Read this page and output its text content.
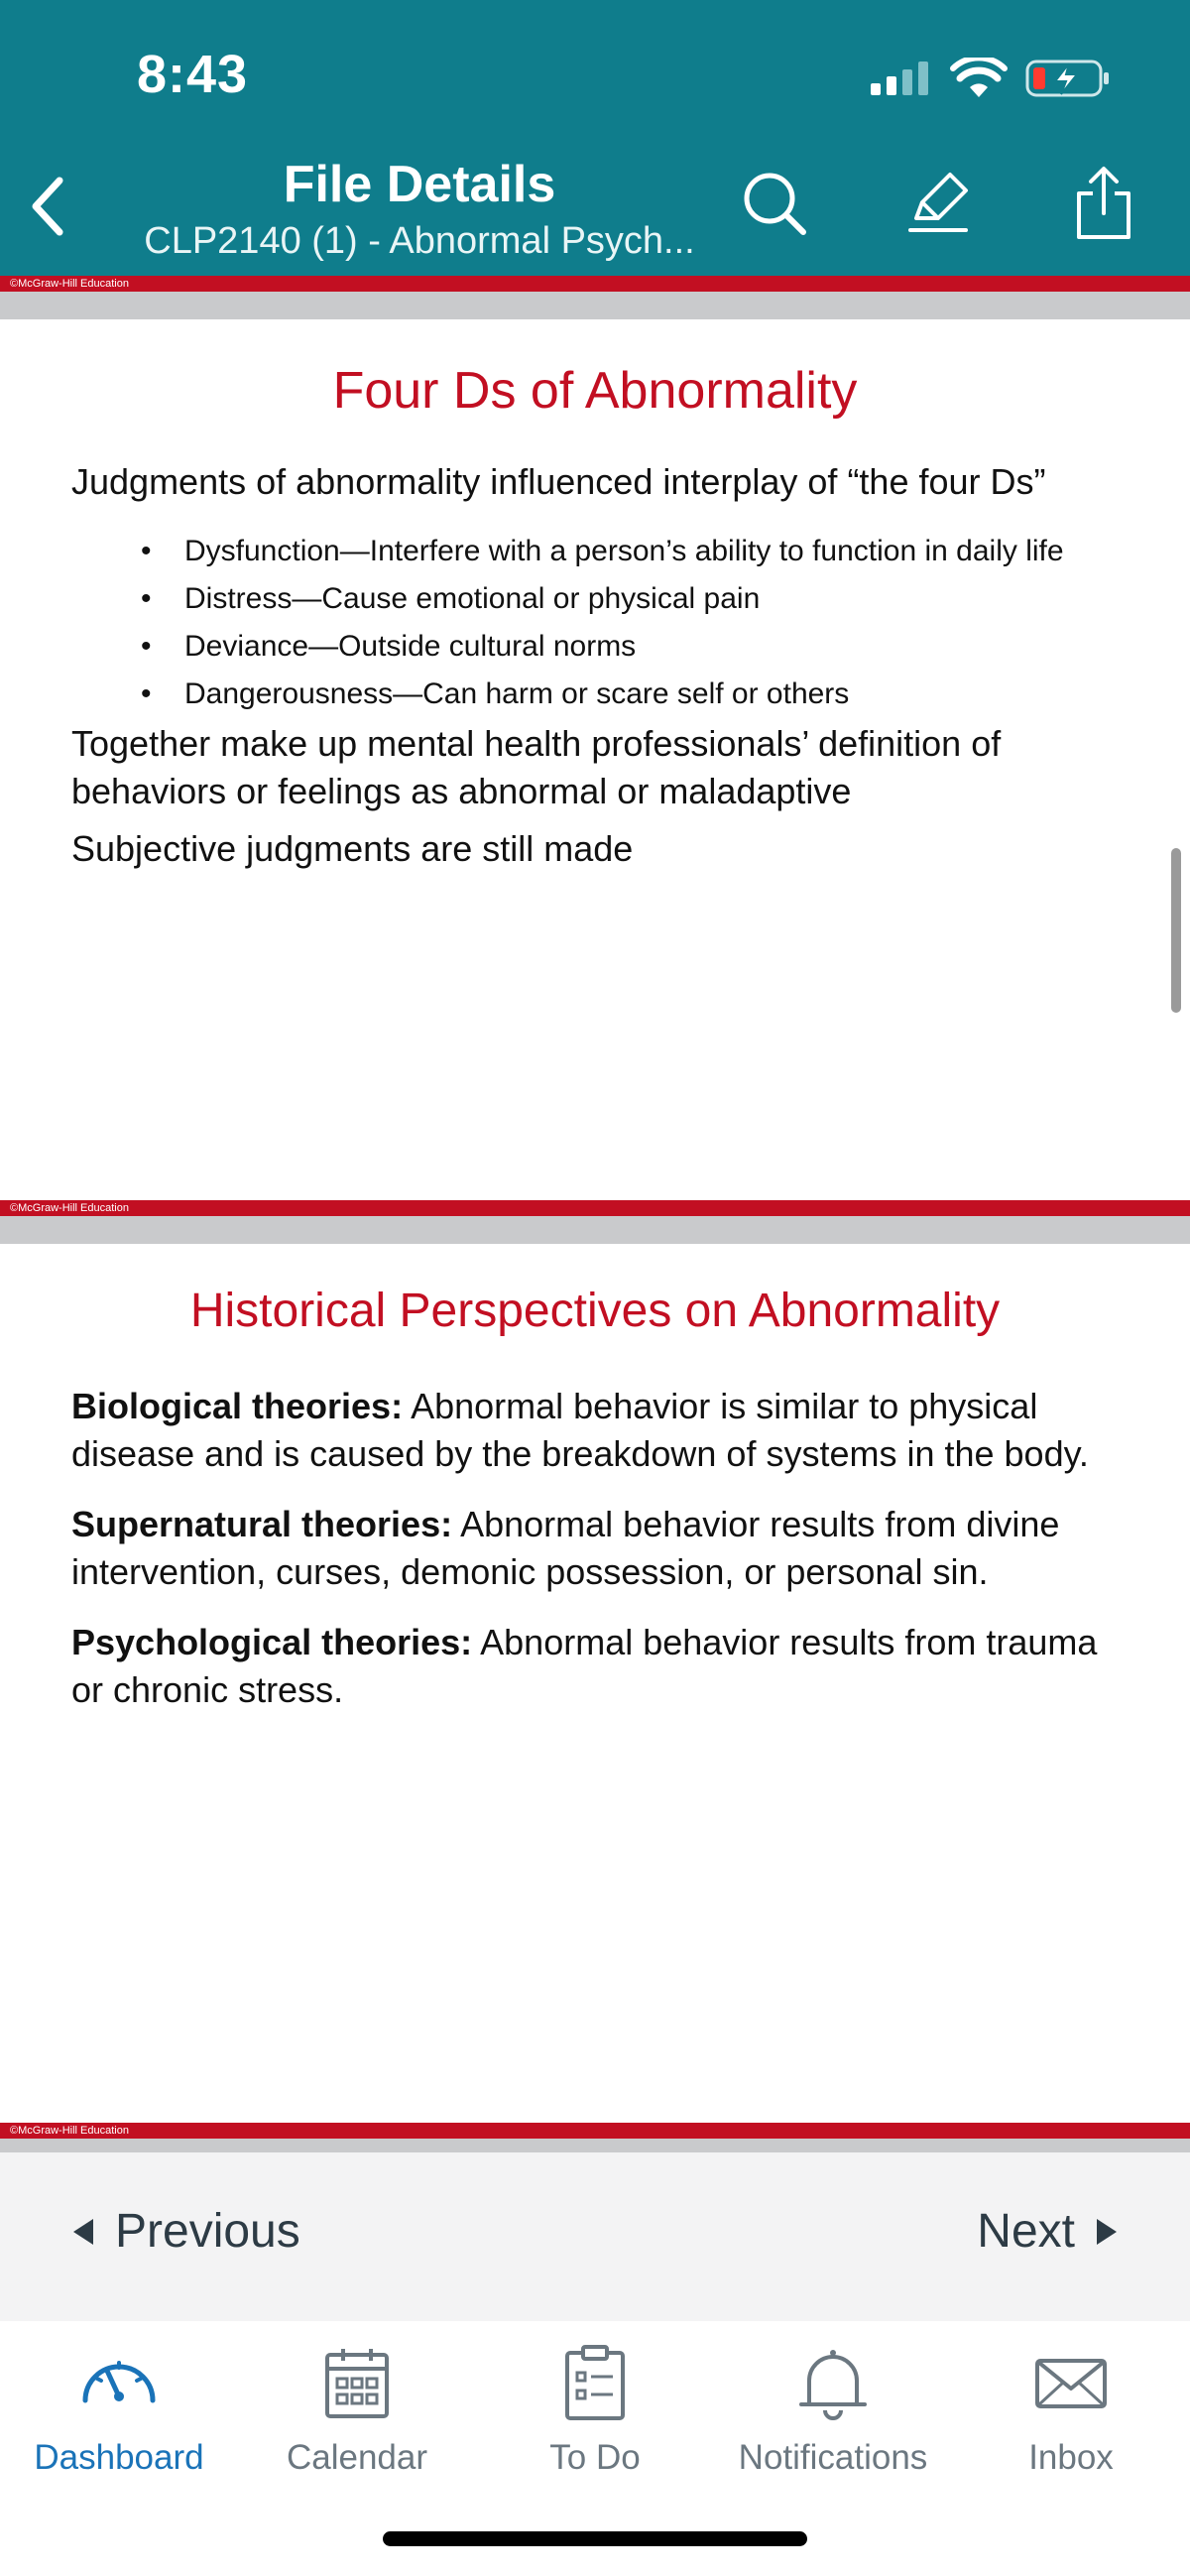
8:43
File Details
CLP2140 (1) - Abnormal Psych...
©McGraw-Hill Education
Four Ds of Abnormality
Judgments of abnormality influenced interplay of “the four Ds”
• Dysfunction—Interfere with a person’s ability to function in daily life
• Distress—Cause emotional or physical pain
• Deviance—Outside cultural norms
• Dangerousness—Can harm or scare self or others
Together make up mental health professionals’ definition of
behaviors or feelings as abnormal or maladaptive
Subjective judgments are still made
©McGraw-Hill Education
Historical Perspectives on Abnormality
Biological theories: Abnormal behavior is similar to physical
disease and is caused by the breakdown of systems in the body.
Supernatural theories: Abnormal behavior results from divine
intervention, curses, demonic possession, or personal sin.
Psychological theories: Abnormal behavior results from trauma
or chronic stress.
©McGraw-Hill Education
Previous	Next
Dashboard Calendar	To Do	Notifications	Inbox
